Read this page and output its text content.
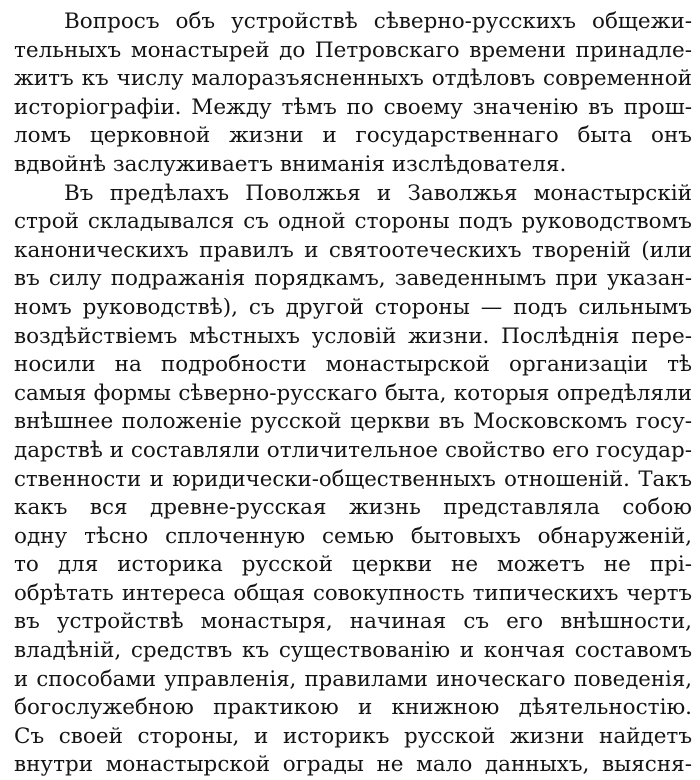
Вопросъ объ устройствѣ сѣверно-русскихъ общежи-
тельныхъ монастырей до Петровскаго времени принадле-
житъ къ числу малоразъясненныхъ отдѣловъ современной
исторіографіи. Между тѣмъ по своему значенію въ прош-
ломъ церковной жизни и государственнаго быта онъ
вдвойнѣ заслуживаетъ вниманія изслѣдователя.
Въ предѣлахъ Поволжья и Заволжья монастырскій
строй складывался съ одной стороны подъ руководствомъ
каноническихъ правилъ и святоотеческихъ твореній (или
въ силу подражанія порядкамъ, заведеннымъ при указан-
номъ руководствѣ), съ другой стороны — подъ сильнымъ
воздѣйствіемъ мѣстныхъ условій жизни. Послѣднія пере-
носили на подробности монастырской организаціи тѣ
самыя формы сѣверно-русскаго быта, которыя опредѣляли
внѣшнее положеніе русской церкви въ Московскомъ госу-
дарствѣ и составляли отличительное свойство его государ-
ственности и юридически-общественныхъ отношеній. Такъ
какъ вся древне-русская жизнь представляла собою
одну тѣсно сплоченную семью бытовыхъ обнаруженій,
то для историка русской церкви не можетъ не прі-
обрѣтать интереса общая совокупность типическихъ чертъ
въ устройствѣ монастыря, начиная съ его внѣшности,
владѣній, средствъ къ существованію и кончая составомъ
и способами управленія, правилами иноческаго поведенія,
богослужебною практикою и книжною дѣятельностію.
Съ своей стороны, и историкъ русской жизни найдетъ
внутри монастырской ограды не мало данныхъ, выясня-
